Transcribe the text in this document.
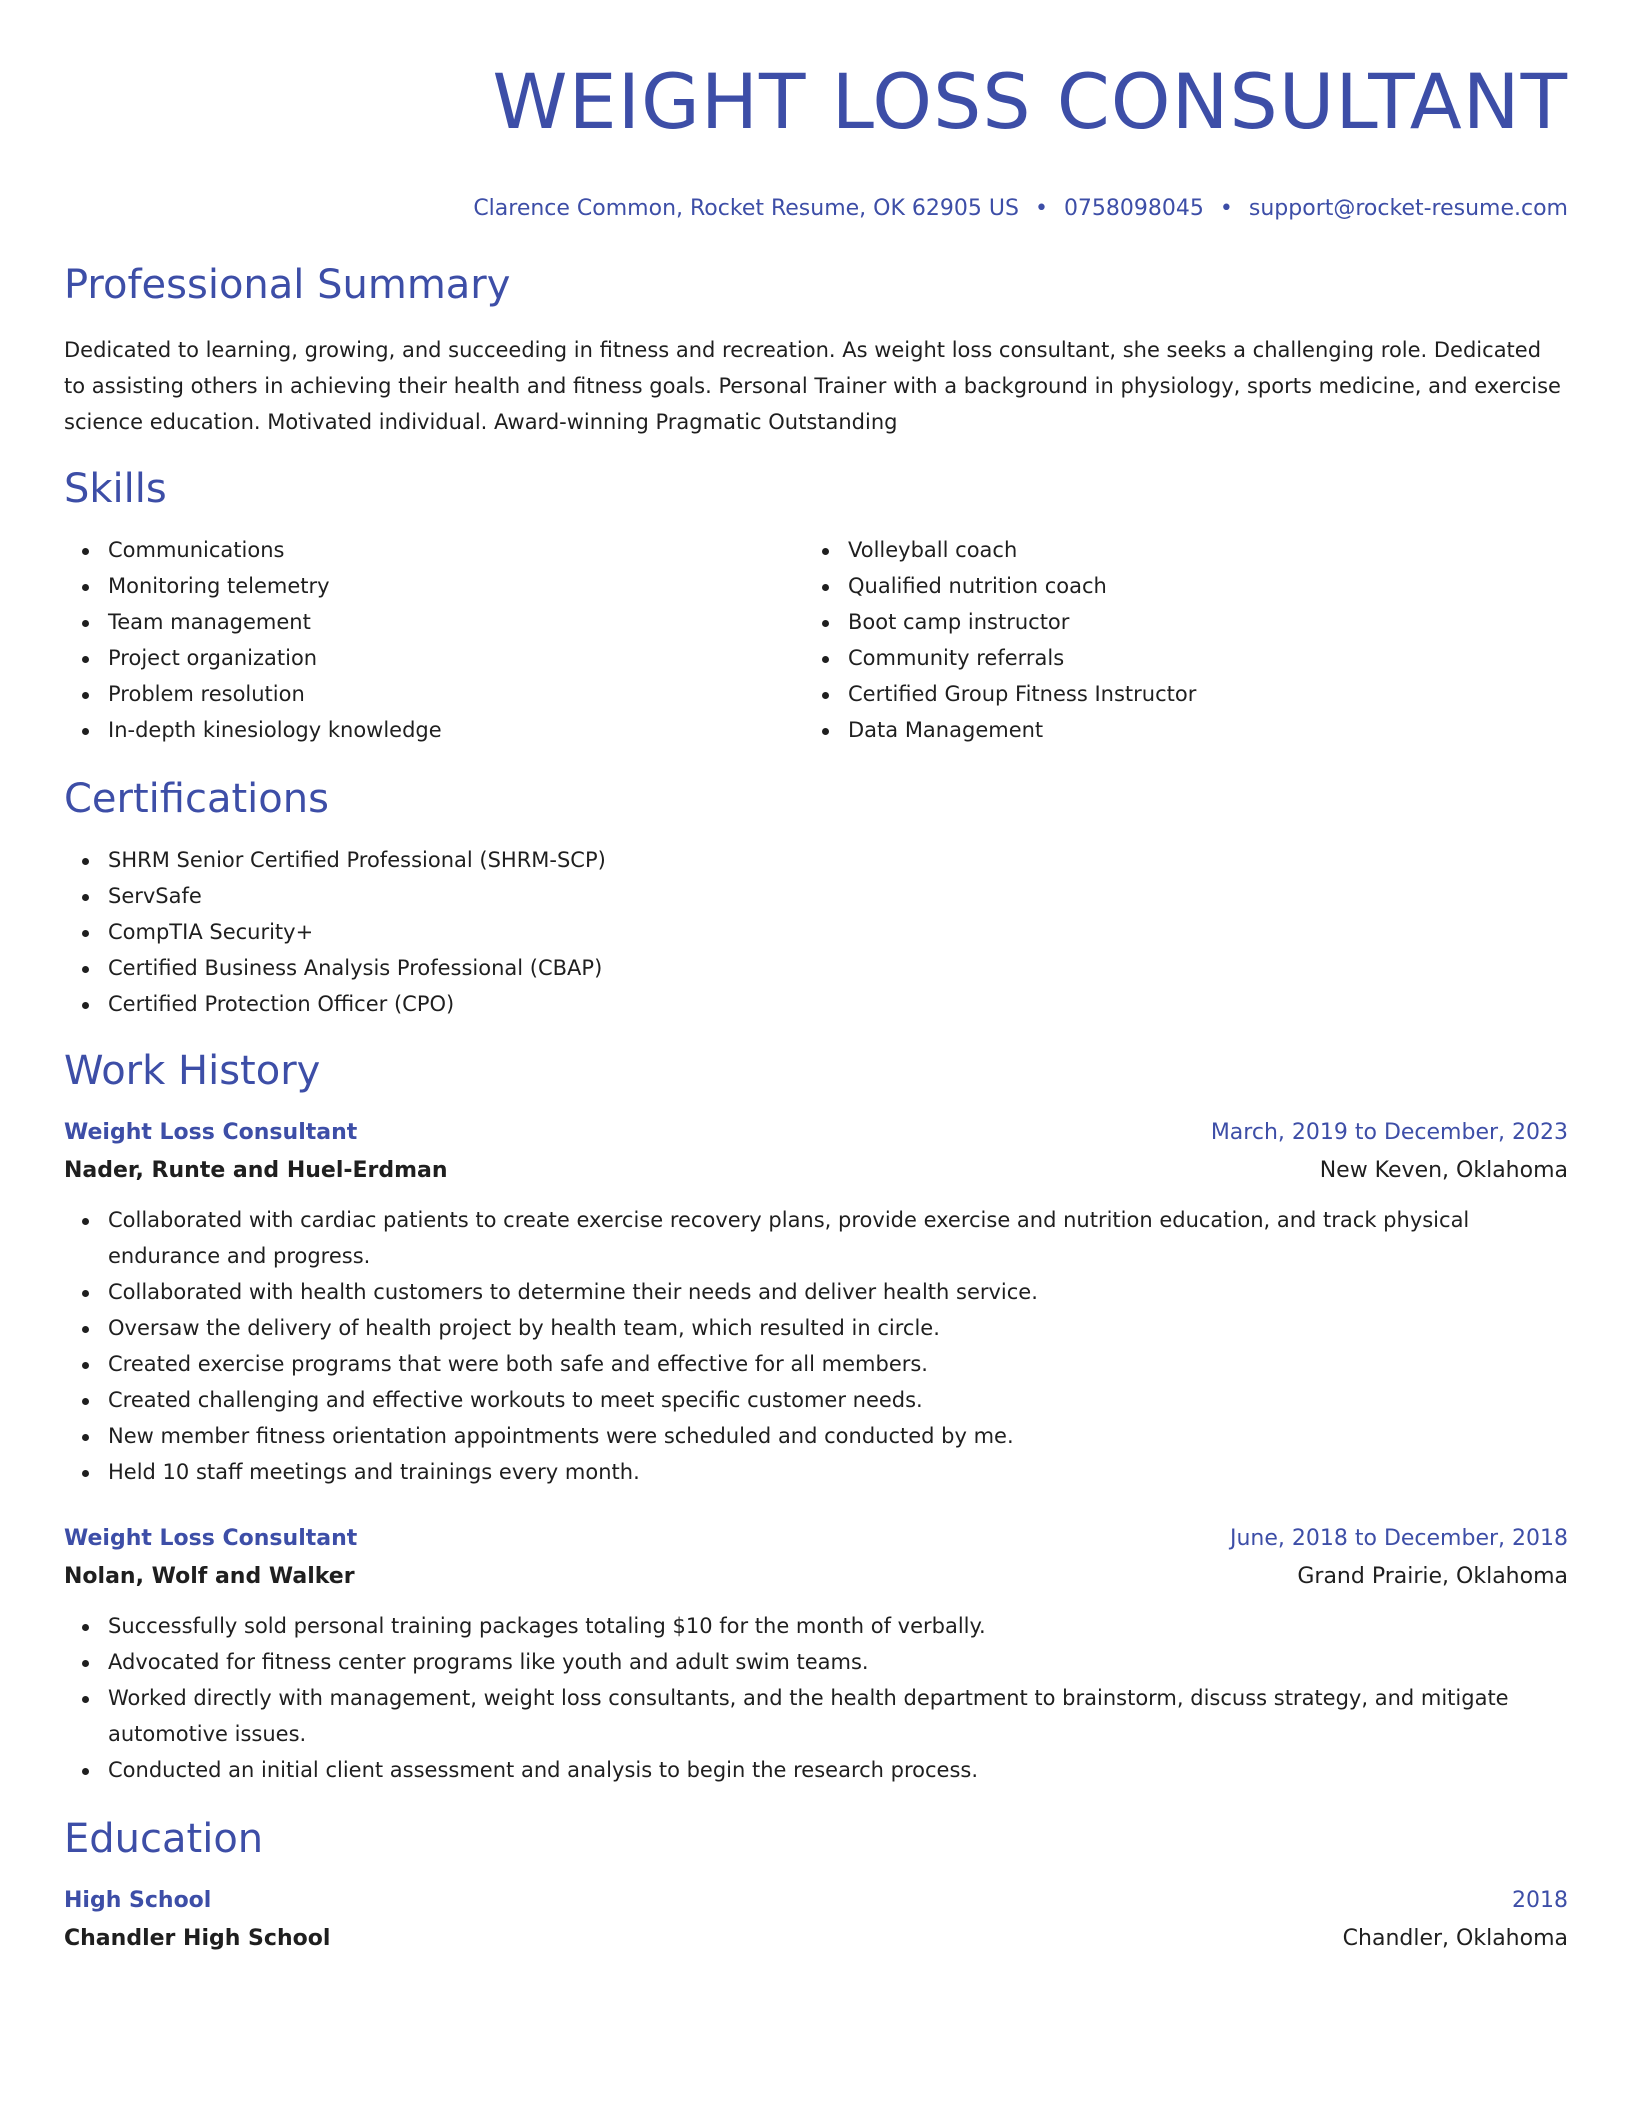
WEIGHT LOSS CONSULTANT
Clarence Common, Rocket Resume, OK 62905 US • 0758098045 • support@rocket-resume.com
Professional Summary

Dedicated to learning, growing, and succeeding in fitness and recreation. As weight loss consultant, she seeks a challenging role. Dedicated to assisting others in achieving their health and fitness goals. Personal Trainer with a background in physiology, sports medicine, and exercise science education. Motivated individual. Award-winning Pragmatic Outstanding

Skills
Communications
Monitoring telemetry
Team management
Project organization
Problem resolution
In-depth kinesiology knowledge
Volleyball coach
Qualified nutrition coach
Boot camp instructor
Community referrals
Certified Group Fitness Instructor
Data Management
Certifications
SHRM Senior Certified Professional (SHRM-SCP)
ServSafe
CompTIA Security+
Certified Business Analysis Professional (CBAP)
Certified Protection Officer (CPO)
Work History
Weight Loss Consultant	March, 2019 to December, 2023
Nader, Runte and Huel-Erdman	New Keven, Oklahoma
Collaborated with cardiac patients to create exercise recovery plans, provide exercise and nutrition education, and track physical endurance and progress.
Collaborated with health customers to determine their needs and deliver health service.
Oversaw the delivery of health project by health team, which resulted in circle.
Created exercise programs that were both safe and effective for all members.
Created challenging and effective workouts to meet specific customer needs.
New member fitness orientation appointments were scheduled and conducted by me.
Held 10 staff meetings and trainings every month.
Weight Loss Consultant	June, 2018 to December, 2018
Nolan, Wolf and Walker	Grand Prairie, Oklahoma
Successfully sold personal training packages totaling $10 for the month of verbally.
Advocated for fitness center programs like youth and adult swim teams.
Worked directly with management, weight loss consultants, and the health department to brainstorm, discuss strategy, and mitigate automotive issues.
Conducted an initial client assessment and analysis to begin the research process.
Education
High School	2018
Chandler High School	Chandler, Oklahoma
